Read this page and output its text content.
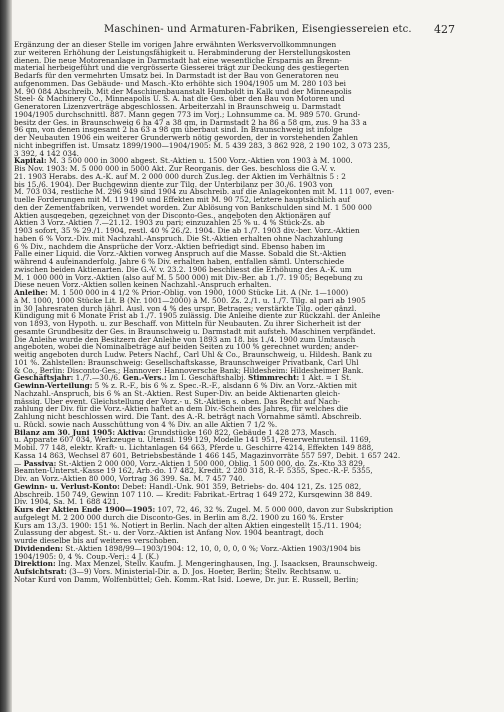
Maschinen- und Armaturen-Fabriken, Eisengiessereien etc.	427
Ergänzung der an dieser Stelle im vorigen Jahre erwähnten Werksvervollkommnungen
zur weiteren Erhöhung der Leistungsfähigkeit u. Herabminderung der Herstellungskosten
dienen. Die neue Motorenanlage in Darmstadt hat eine wesentliche Ersparnis an Brenn-
material herbeigeführt und die vergrösserte Giesserei trägt zur Deckung des gestiegerten
Bedarfs für den vermehrten Umsatz bei. In Darmstadt ist der Bau von Generatoren neu
aufgenommen. Das Gebäude- und Masch.-Kto erhöhte sich 1904/1905 um M. 280 103 bei
M. 90 084 Abschreib. Mit der Maschinenbauanstalt Humboldt in Kalk und der Minneapolis
Steel- & Machinery Co., Minneapolis U. S. A. hat die Ges. über den Bau von Motoren und
Generatoren Lizenzverträge abgeschlossen. Arbeiterzahl in Braunschweig u. Darmstadt
1904/1905 durchschnittl. 887. Mann gegen 773 im Vorj.; Lohnsumme ca. M. 989 570. Grund-
besitz der Ges. in Braunschweig 6 ha 47 a 38 qm, in Darmstadt 2 ha 86 a 58 qm, zus. 9 ha 33 a
96 qm, von denen insgesamt 2 ha 63 a 98 qm überbaut sind. In Braunschweig ist infolge
der Neubauten 1906 ein weiterer Grunderwerb nötig geworden, der in vorstehenden Zahlen
nicht inbegriffen ist. Umsatz 1899/1900—1904/1905: M. 5 439 283, 3 862 928, 2 190 102, 3 073 235,
3 392, 4 142 034.
Kapital: M. 3 500 000 in 3000 abgest. St.-Aktien u. 1500 Vorz.-Aktien von 1903 à M. 1000.
Bis Nov. 1903: M. 5 000 000 in 5000 Akt. Zur Reorganis. der Ges. beschloss die G.-V. v.
21. 1903 Herabs. des A.-K. auf M. 2 000 000 durch Zus.leg. der Aktien im Verhältnis 5 : 2
bis 15./6. 1904). Der Buchgewinn diente zur Tilg. der Unterbilanz per 30./6. 1903 von
M. 703 034, restliche M. 296 949 sind 1904 zu Abschreib. auf die Anlagekonten mit M. 111 007, even-
tuelle Forderungen mit M. 119 190 und Effekten mit M. 90 752, letztere hauptsächlich auf
den der Zementfabriken, verwendet worden. Zur Ablösung von Bankschulden sind M. 1 500 000
Aktien ausgegeben, gezeichnet von der Disconto-Ges., angeboten den Aktionären auf
Aktien 3 Vorz.-Aktien 7.—21.12. 1903 zu pari; einzuzahlen 25 % u. 4 % Stück-Zs. ab
1903 sofort, 35 % 29./1. 1904, restl. 40 % 26./2. 1904. Die ab 1./7. 1903 div.-ber. Vorz.-Aktien
haben 6 % Vorz.-Div. mit Nachzahl.-Anspruch. Die St.-Aktien erhalten ohne Nachzahlung
6 % Div., nachdem die Ansprüche der Vorz.-Aktien befriedigt sind. Ebenso haben im
Falle einer Liquid. die Vorz.-Aktien vorweg Anspruch auf die Masse. Sobald die St.-Aktien
während 4 aufeinanderfolg. Jahre 6 % Div. erhalten haben, entfallen sämtl. Unterschiede
zwischen beiden Aktienarten. Die G.-V. v. 23.2. 1906 beschliesst die Erhöhung des A.-K. um
M. 1 000 000 in Vorz.-Aktien (also auf M. 5 500 000) mit Div.-Ber. ab 1./7. 19 05; Begebung zu
Diese neuen Vorz.-Aktien sollen keinen Nachzahl.-Anspruch erhalten.
Anleihe: M. 1 500 000 in 4 1/2 % Prior.-Oblig. von 1900, 1000 Stücke Lit. A (Nr. 1—1000)
à M. 1000, 1000 Stücke Lit. B (Nr. 1001—2000) à M. 500. Zs. 2./1. u. 1./7. Tilg. al pari ab 1905
in 30 Jahresraten durch jährl. Ausl. von 4 % des urspr. Betrages; verstärkte Tilg. oder gänzl.
Kündigung mit 6 Monate Frist ab 1./7. 1905 zulässig. Die Anleihe diente zur Rückzahl. der Anleihe
von 1893, von Hypoth. u. zur Beschaff. von Mitteln für Neubauten. Zu ihrer Sicherheit ist der
gesamte Grundbesitz der Ges. in Braunschweig u. Darmstadt mit aufsteh. Maschinen verpfändet.
Die Anleihe wurde den Besitzern der Anleihe von 1893 am 18. bis 1./4. 1900 zum Umtausch
angeboten, wobei die Nominalbeträge auf beiden Seiten zu 100 % gerechnet wurden; ander-
weitig angeboten durch Ludw. Peters Nachf., Carl Uhl & Co., Braunschweig, u. Hildesh. Bank zu
101 %. Zahlstellen: Braunschweig: Gesellschaftskasse, Braunschweiger Privatbank, Carl Uhl
& Co., Berlin: Disconto-Ges.; Hannover: Hannoversche Bank; Hildesheim: Hildesheimer Bank.
Geschäftsjahr: 1./7.—30./6. Gen.-Vers.: Im I. Geschäftshalbj. Stimmrecht: 1 Akt. = 1 St.
Gewinn-Verteilung: 5 % z. R.-F., bis 6 % z. Spec.-R.-F., alsdann 6 % Div. an Vorz.-Aktien mit
Nachzahl.-Anspruch, bis 6 % an St.-Aktien. Rest Super-Div. an beide Aktienarten gleich-
mässig. Über event. Gleichstellung der Vorz.- u. St.-Aktien s. oben. Das Recht auf Nach-
zahlung der Div. für die Vorz.-Aktien haftet an dem Div.-Schein des Jahres, für welches die
Zahlung nicht beschlossen wird. Die Tant. des A.-R. beträgt nach Vornahme sämtl. Abschreib.
u. Rückl. sowie nach Ausschüttung von 4 % Div. an alle Aktien 7 1/2 %.
Bilanz am 30. Juni 1905: Aktiva: Grundstücke 160 822, Gebäude 1 428 273, Masch.
u. Apparate 607 034, Werkzeuge u. Utensil. 199 129, Modelle 141 951, Feuerwehrutensil. 1169,
Mobil. 77 148, elektr. Kraft- u. Lichtanlagen 64 663, Pferde u. Geschirre 4214, Effekten 149 888,
Kassa 14 863, Wechsel 87 601, Betriebsbestände 1 466 145, Magazinvorräte 557 597, Debit. 1 657 242.
— Passiva: St.-Aktien 2 000 000, Vorz.-Aktien 1 500 000, Oblig. 1 500 000, do. Zs.-Kto 33 829,
Beamten-Unterst.-Kasse 19 162, Arb.-do. 17 482, Kredit. 2 280 318, R.-F. 5355, Spec.-R.-F. 5355,
Div. an Vorz.-Aktien 80 000, Vortrag 36 399. Sa. M. 7 457 740.
Gewinn- u. Verlust-Konto: Debet: Handl.-Unk. 901 359, Betriebs- do. 404 121, Zs. 125 082,
Abschreib. 150 749, Gewinn 107 110. — Kredit: Fabrikat.-Ertrag 1 649 272, Kursgewinn 38 849.
Div. 1904, Sa. M. 1 688 421.
Kurs der Aktien Ende 1900—1905: 107, 72, 46, 32 %. Zugel. M. 5 000 000, davon zur Subskription
aufgelegt M. 2 200 000 durch die Disconto-Ges. in Berlin am 8./2. 1900 zu 160 %. Erster
Kurs am 13./3. 1900: 151 %. Notiert in Berlin. Nach der alten Aktien eingestellt 15./11. 1904;
Zulassung der abgest. St.- u. der Vorz.-Aktien ist Anfang Nov. 1904 beantragt, doch
wurde dieselbe bis auf weiteres verschoben.
Dividenden: St.-Aktien 1898/99—1903/1904: 12, 10, 0, 0, 0, 0 %; Vorz.-Aktien 1903/1904 bis
1904/1905: 0, 4 %. Coup.-Verj.: 4 J. (K.)
Direktion: Ing. Max Menzel, Stellv. Kaufm. J. Mengeringhausen, Ing. J. Isaacksen, Braunschweig.
Aufsichtsrat: (3—9) Vors. Ministerial-Dir. a. D. Jos. Hoeter, Berlin; Stellv. Rechtsanw. u.
Notar Kurd von Damm, Wolfenbüttel; Geh. Komm.-Rat Isid. Loewe, Dr. jur. E. Russell, Berlin;
